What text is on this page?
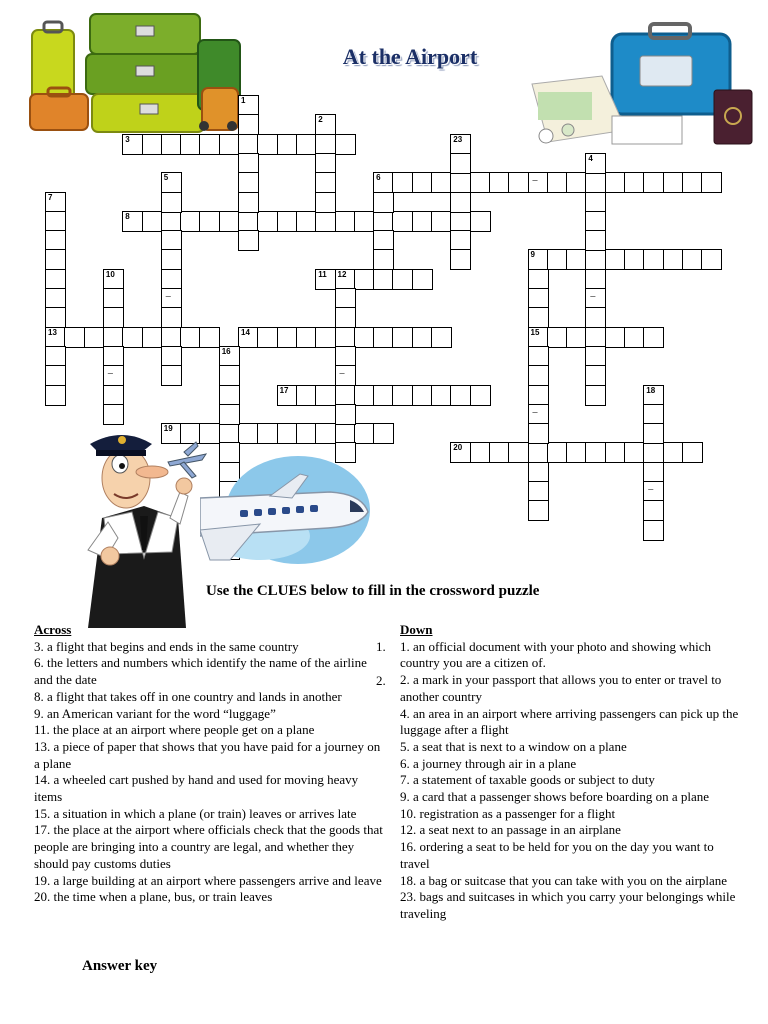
At the Airport
1
2
3	23
4
5	6
7
8
9
10	11 12
13	14	15
16
17	18
19
20
–
–	–
–	–
–
–
Use the CLUES below to fill in the crossword puzzle
Across
3. a flight that begins and ends in the same country
6. the letters and numbers which identify the name of the airline and the date
8. a flight that takes off in one country and lands in another
9. an American variant for the word “luggage”
11. the place at an airport where people get on a plane
13. a piece of paper that shows that you have paid for a journey on a plane
14. a wheeled cart pushed by hand and used for moving heavy items
15. a situation in which a plane (or train) leaves or arrives late
17. the place at the airport where officials check that the goods that people are bringing into a country are legal, and whether they should pay customs duties
19. a large building at an airport where passengers arrive and leave
20. the time when a plane, bus, or train leaves
Down
1. an official document with your photo and showing which country you are a citizen of.
2. a mark in your passport that allows you to enter or travel to another country
4. an area in an airport where arriving passengers can pick up the luggage after a flight
5. a seat that is next to a window on a plane
6. a journey through air in a plane
7. a statement of taxable goods or subject to duty
9. a card that a passenger shows before boarding on a plane
10. registration as a passenger for a flight
12. a seat next to an passage in an airplane
16. ordering a seat to be held for you on the day you want to travel
18. a bag or suitcase that you can take with you on the airplane
23. bags and suitcases in which you carry your belongings while traveling
1.
2.
Answer key
